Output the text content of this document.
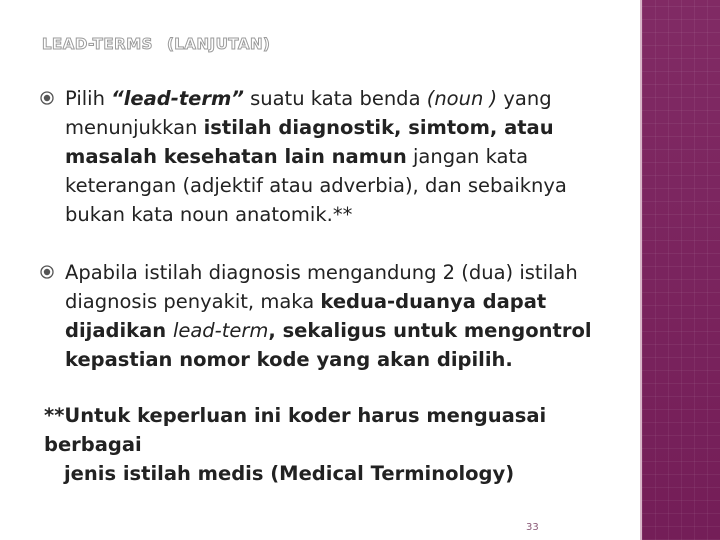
LEAD-TERMS (LANJUTAN)
Pilih “lead-term” suatu kata benda (noun ) yang menunjukkan istilah diagnostik, simtom, atau masalah kesehatan lain namun jangan kata keterangan (adjektif atau adverbia), dan sebaiknya bukan kata noun anatomik.**
Apabila istilah diagnosis mengandung 2 (dua) istilah diagnosis penyakit, maka kedua-duanya dapat dijadikan lead-term, sekaligus untuk mengontrol kepastian nomor kode yang akan dipilih.
**Untuk keperluan ini koder harus menguasai berbagai
jenis istilah medis (Medical Terminology)
33
